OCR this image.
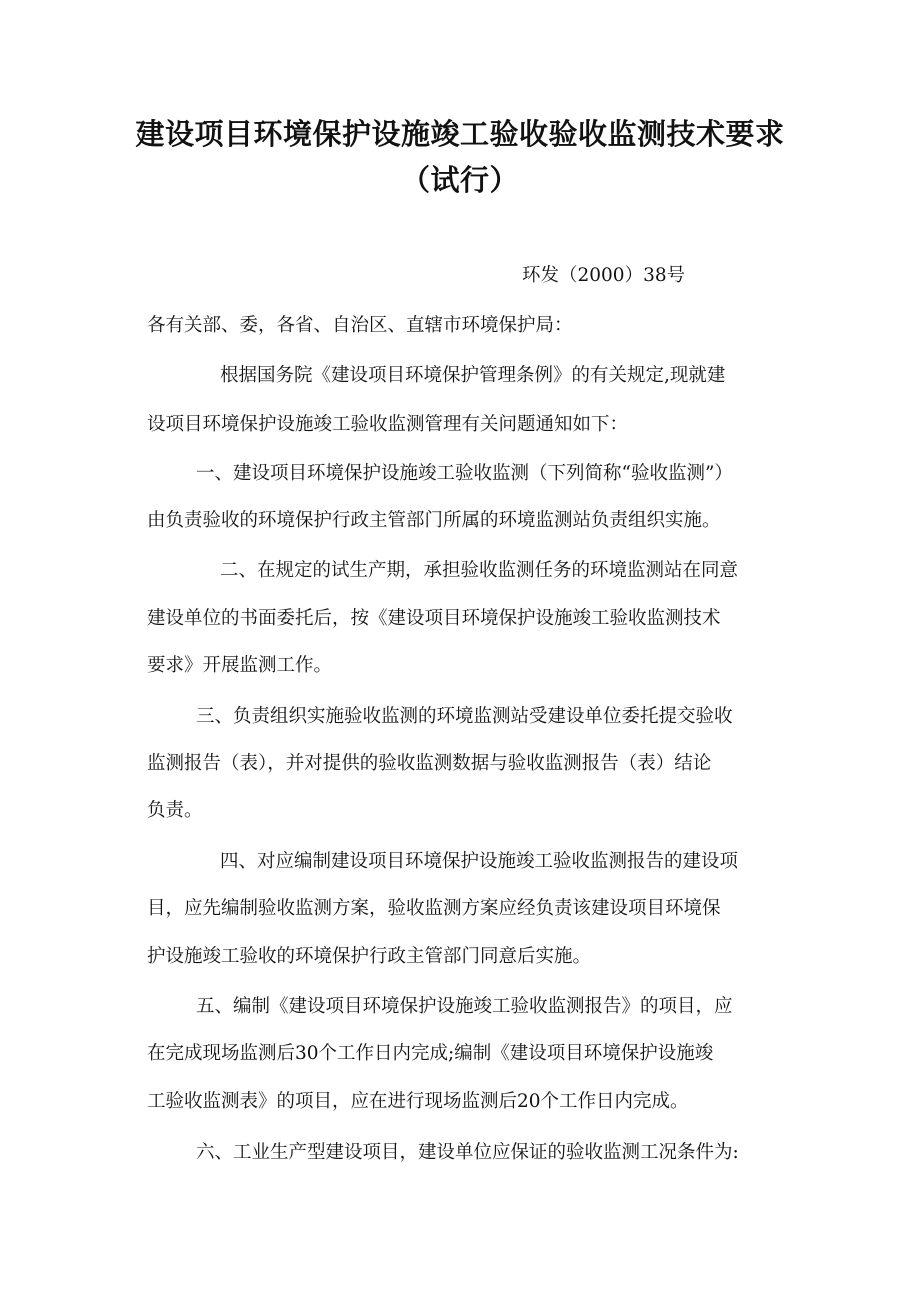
建设项目环境保护设施竣工验收验收监测技术要求
（试行）

环发（2000）38号

各有关部、委，各省、自治区、直辖市环境保护局：

根据国务院《建设项目环境保护管理条例》的有关规定,现就建

设项目环境保护设施竣工验收监测管理有关问题通知如下：

一、建设项目环境保护设施竣工验收监测（下列简称“验收监测”）

由负责验收的环境保护行政主管部门所属的环境监测站负责组织实施。

二、在规定的试生产期，承担验收监测任务的环境监测站在同意

建设单位的书面委托后，按《建设项目环境保护设施竣工验收监测技术

要求》开展监测工作。

三、负责组织实施验收监测的环境监测站受建设单位委托提交验收

监测报告（表），并对提供的验收监测数据与验收监测报告（表）结论

负责。

四、对应编制建设项目环境保护设施竣工验收监测报告的建设项

目，应先编制验收监测方案，验收监测方案应经负责该建设项目环境保

护设施竣工验收的环境保护行政主管部门同意后实施。

五、编制《建设项目环境保护设施竣工验收监测报告》的项目，应

在完成现场监测后30个工作日内完成;编制《建设项目环境保护设施竣

工验收监测表》的项目，应在进行现场监测后20个工作日内完成。

六、工业生产型建设项目，建设单位应保证的验收监测工况条件为:
